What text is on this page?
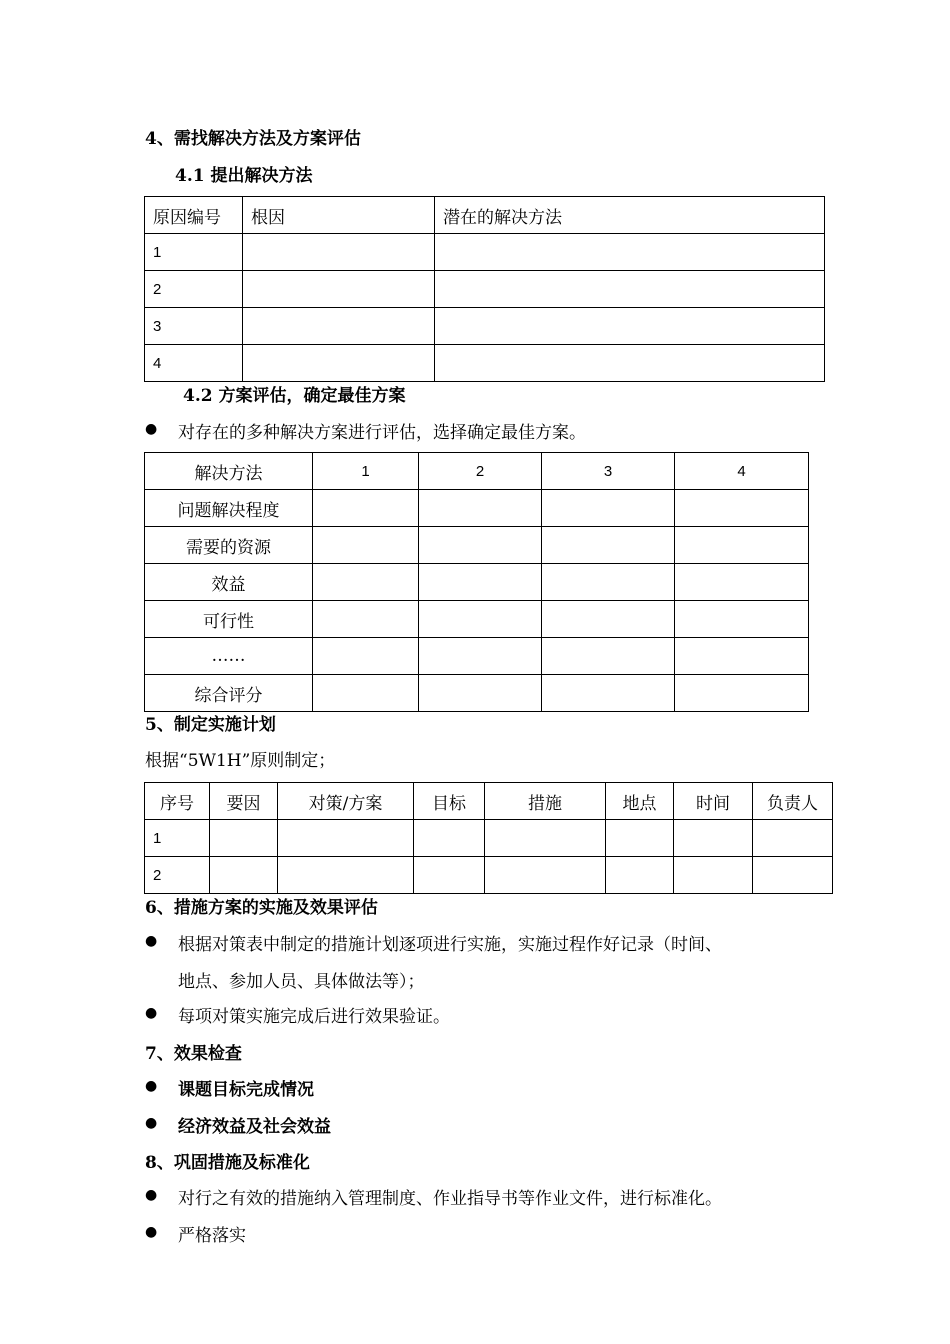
4、需找解决方法及方案评估
4.1 提出解决方法
原因编号	根因	潜在的解决方法
1		
2		
3		
4		
4.2 方案评估，确定最佳方案
● 对存在的多种解决方案进行评估，选择确定最佳方案。
解决方法	1	2	3	4
问题解决程度				
需要的资源				
效益				
可行性				
……				
综合评分				
5、制定实施计划
根据“5W1H”原则制定；
序号	要因	对策/方案	目标	措施	地点	时间	负责人
1							
2							
6、措施方案的实施及效果评估
● 根据对策表中制定的措施计划逐项进行实施，实施过程作好记录（时间、
地点、参加人员、具体做法等）；
● 每项对策实施完成后进行效果验证。
7、效果检查
● 课题目标完成情况
● 经济效益及社会效益
8、巩固措施及标准化
● 对行之有效的措施纳入管理制度、作业指导书等作业文件，进行标准化。
● 严格落实
